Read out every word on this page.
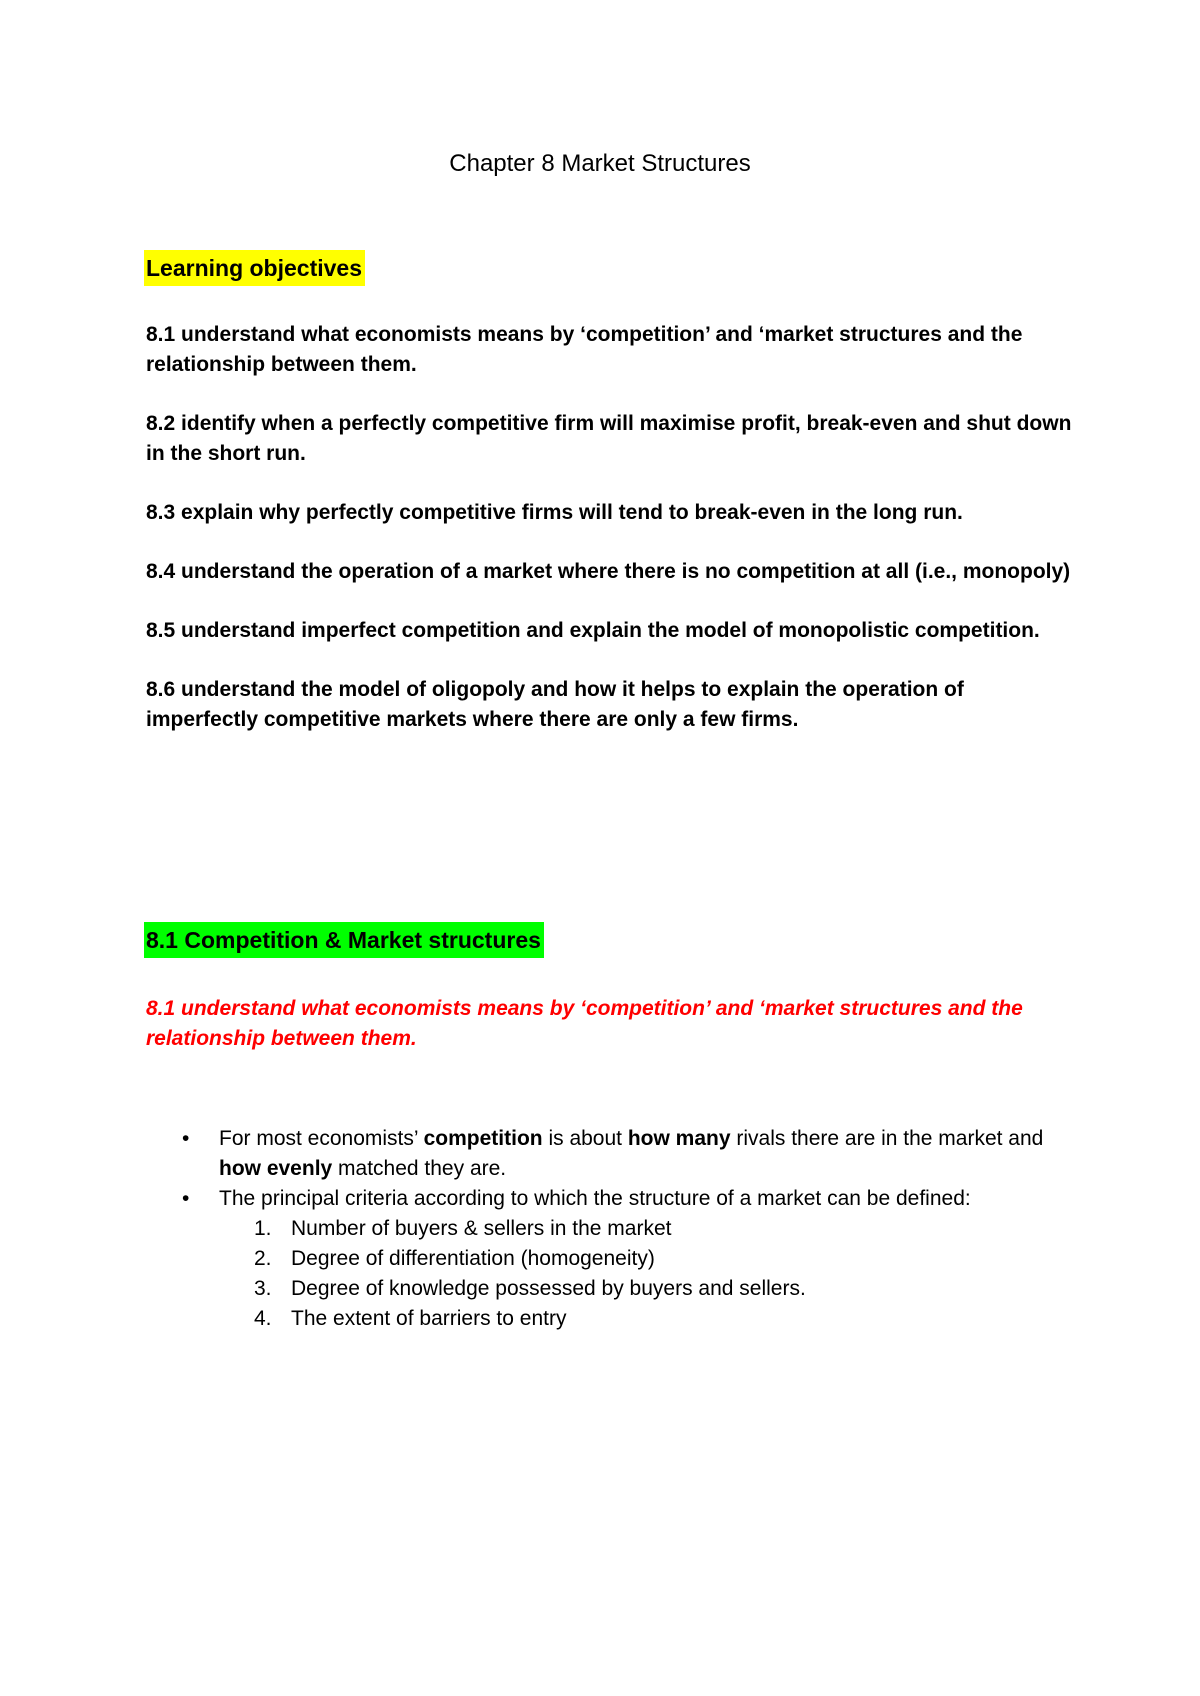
Chapter 8 Market Structures
Learning objectives
8.1 understand what economists means by ‘competition’ and ‘market structures and the relationship between them.
8.2 identify when a perfectly competitive firm will maximise profit, break-even and shut down in the short run.
8.3 explain why perfectly competitive firms will tend to break-even in the long run.
8.4 understand the operation of a market where there is no competition at all (i.e., monopoly)
8.5 understand imperfect competition and explain the model of monopolistic competition.
8.6 understand the model of oligopoly and how it helps to explain the operation of imperfectly competitive markets where there are only a few firms.
8.1 Competition & Market structures

8.1 understand what economists means by ‘competition’ and ‘market structures and the relationship between them.

• For most economists’ competition is about how many rivals there are in the market and how evenly matched they are.
• The principal criteria according to which the structure of a market can be defined:
1. Number of buyers & sellers in the market
2. Degree of differentiation (homogeneity)
3. Degree of knowledge possessed by buyers and sellers.
4. The extent of barriers to entry
